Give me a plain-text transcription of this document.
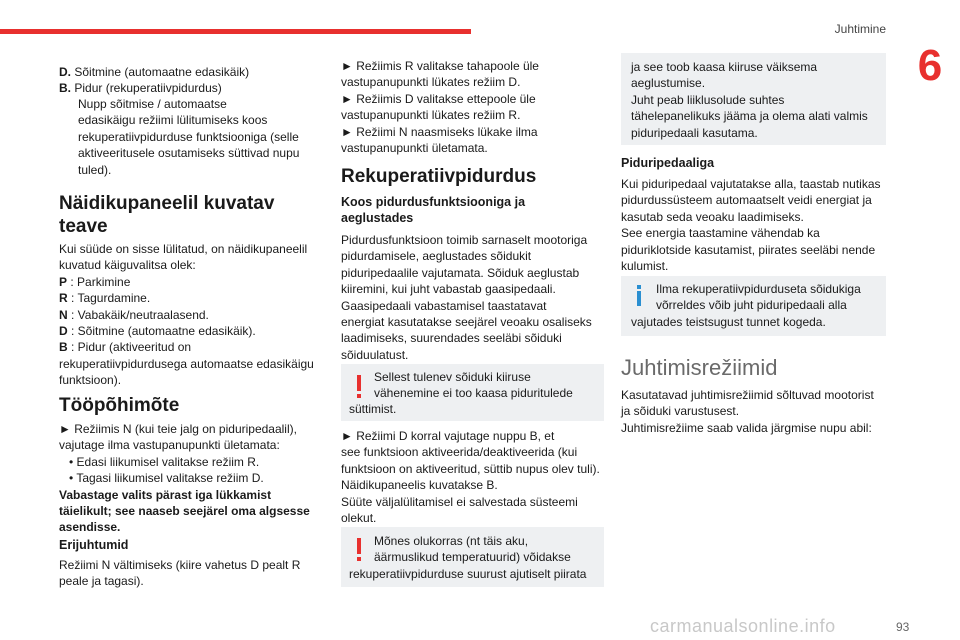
Juhtimine
6

D. Sõitmine (automaatne edasikäik)

B. Pidur (rekuperatiivpidurdus)

Nupp sõitmise / automaatse

edasikäigu režiimi lülitumiseks koos

rekuperatiivpidurduse funktsiooniga (selle

aktiveeritusele osutamiseks süttivad nupu

tuled).

Näidikupaneelil kuvatav
teave

Kui süüde on sisse lülitatud, on näidikupaneelil

kuvatud käiguvalitsa olek:

P : Parkimine

R : Tagurdamine.

N : Vabakäik/neutraalasend.

D : Sõitmine (automaatne edasikäik).

B : Pidur (aktiveeritud on

rekuperatiivpidurdusega automaatse edasikäigu

funktsioon).

Tööpõhimõte

► Režiimis N (kui teie jalg on piduripedaalil),

vajutage ilma vastupanupunkti ületamata:

• Edasi liikumisel valitakse režiim R.

• Tagasi liikumisel valitakse režiim D.

Vabastage valits pärast iga lükkamist

täielikult; see naaseb seejärel oma algsesse

asendisse.

Erijuhtumid

Režiimi N vältimiseks (kiire vahetus D pealt R

peale ja tagasi).

► Režiimis R valitakse tahapoole üle

vastupanupunkti lükates režiim D.

► Režiimis D valitakse ettepoole üle

vastupanupunkti lükates režiim R.

► Režiimi N naasmiseks lükake ilma

vastupanupunkti ületamata.

Rekuperatiivpidurdus
Koos pidurdusfunktsiooniga ja
aeglustades

Pidurdusfunktsioon toimib sarnaselt mootoriga

pidurdamisele, aeglustades sõidukit

piduripedaalile vajutamata. Sõiduk aeglustab

kiiremini, kui juht vabastab gaasipedaali.

Gaasipedaali vabastamisel taastatavat

energiat kasutatakse seejärel veoaku osaliseks

laadimiseks, suurendades seeläbi sõiduki

sõiduulatust.

Sellest tulenev sõiduki kiiruse

vähenemine ei too kaasa piduritulede

süttimist.

► Režiimi D korral vajutage nuppu B, et

see funktsioon aktiveerida/deaktiveerida (kui

funktsioon on aktiveeritud, süttib nupus olev tuli).

Näidikupaneelis kuvatakse B.

Süüte väljalülitamisel ei salvestada süsteemi

olekut.

Mõnes olukorras (nt täis aku,

äärmuslikud temperatuurid) võidakse

rekuperatiivpidurduse suurust ajutiselt piirata

ja see toob kaasa kiiruse väiksema

aeglustumise.

Juht peab liiklusolude suhtes

tähelepanelikuks jääma ja olema alati valmis

piduripedaali kasutama.

Piduripedaaliga

Kui piduripedaal vajutatakse alla, taastab nutikas

pidurdussüsteem automaatselt veidi energiat ja

kasutab seda veoaku laadimiseks.

See energia taastamine vähendab ka

piduriklotside kasutamist, piirates seeläbi nende

kulumist.

Ilma rekuperatiivpidurduseta sõidukiga

võrreldes võib juht piduripedaali alla

vajutades teistsugust tunnet kogeda.

Juhtimisrežiimid

Kasutatavad juhtimisrežiimid sõltuvad mootorist

ja sõiduki varustusest.

Juhtimisrežiime saab valida järgmise nupu abil:

carmanualsonline.info	93
